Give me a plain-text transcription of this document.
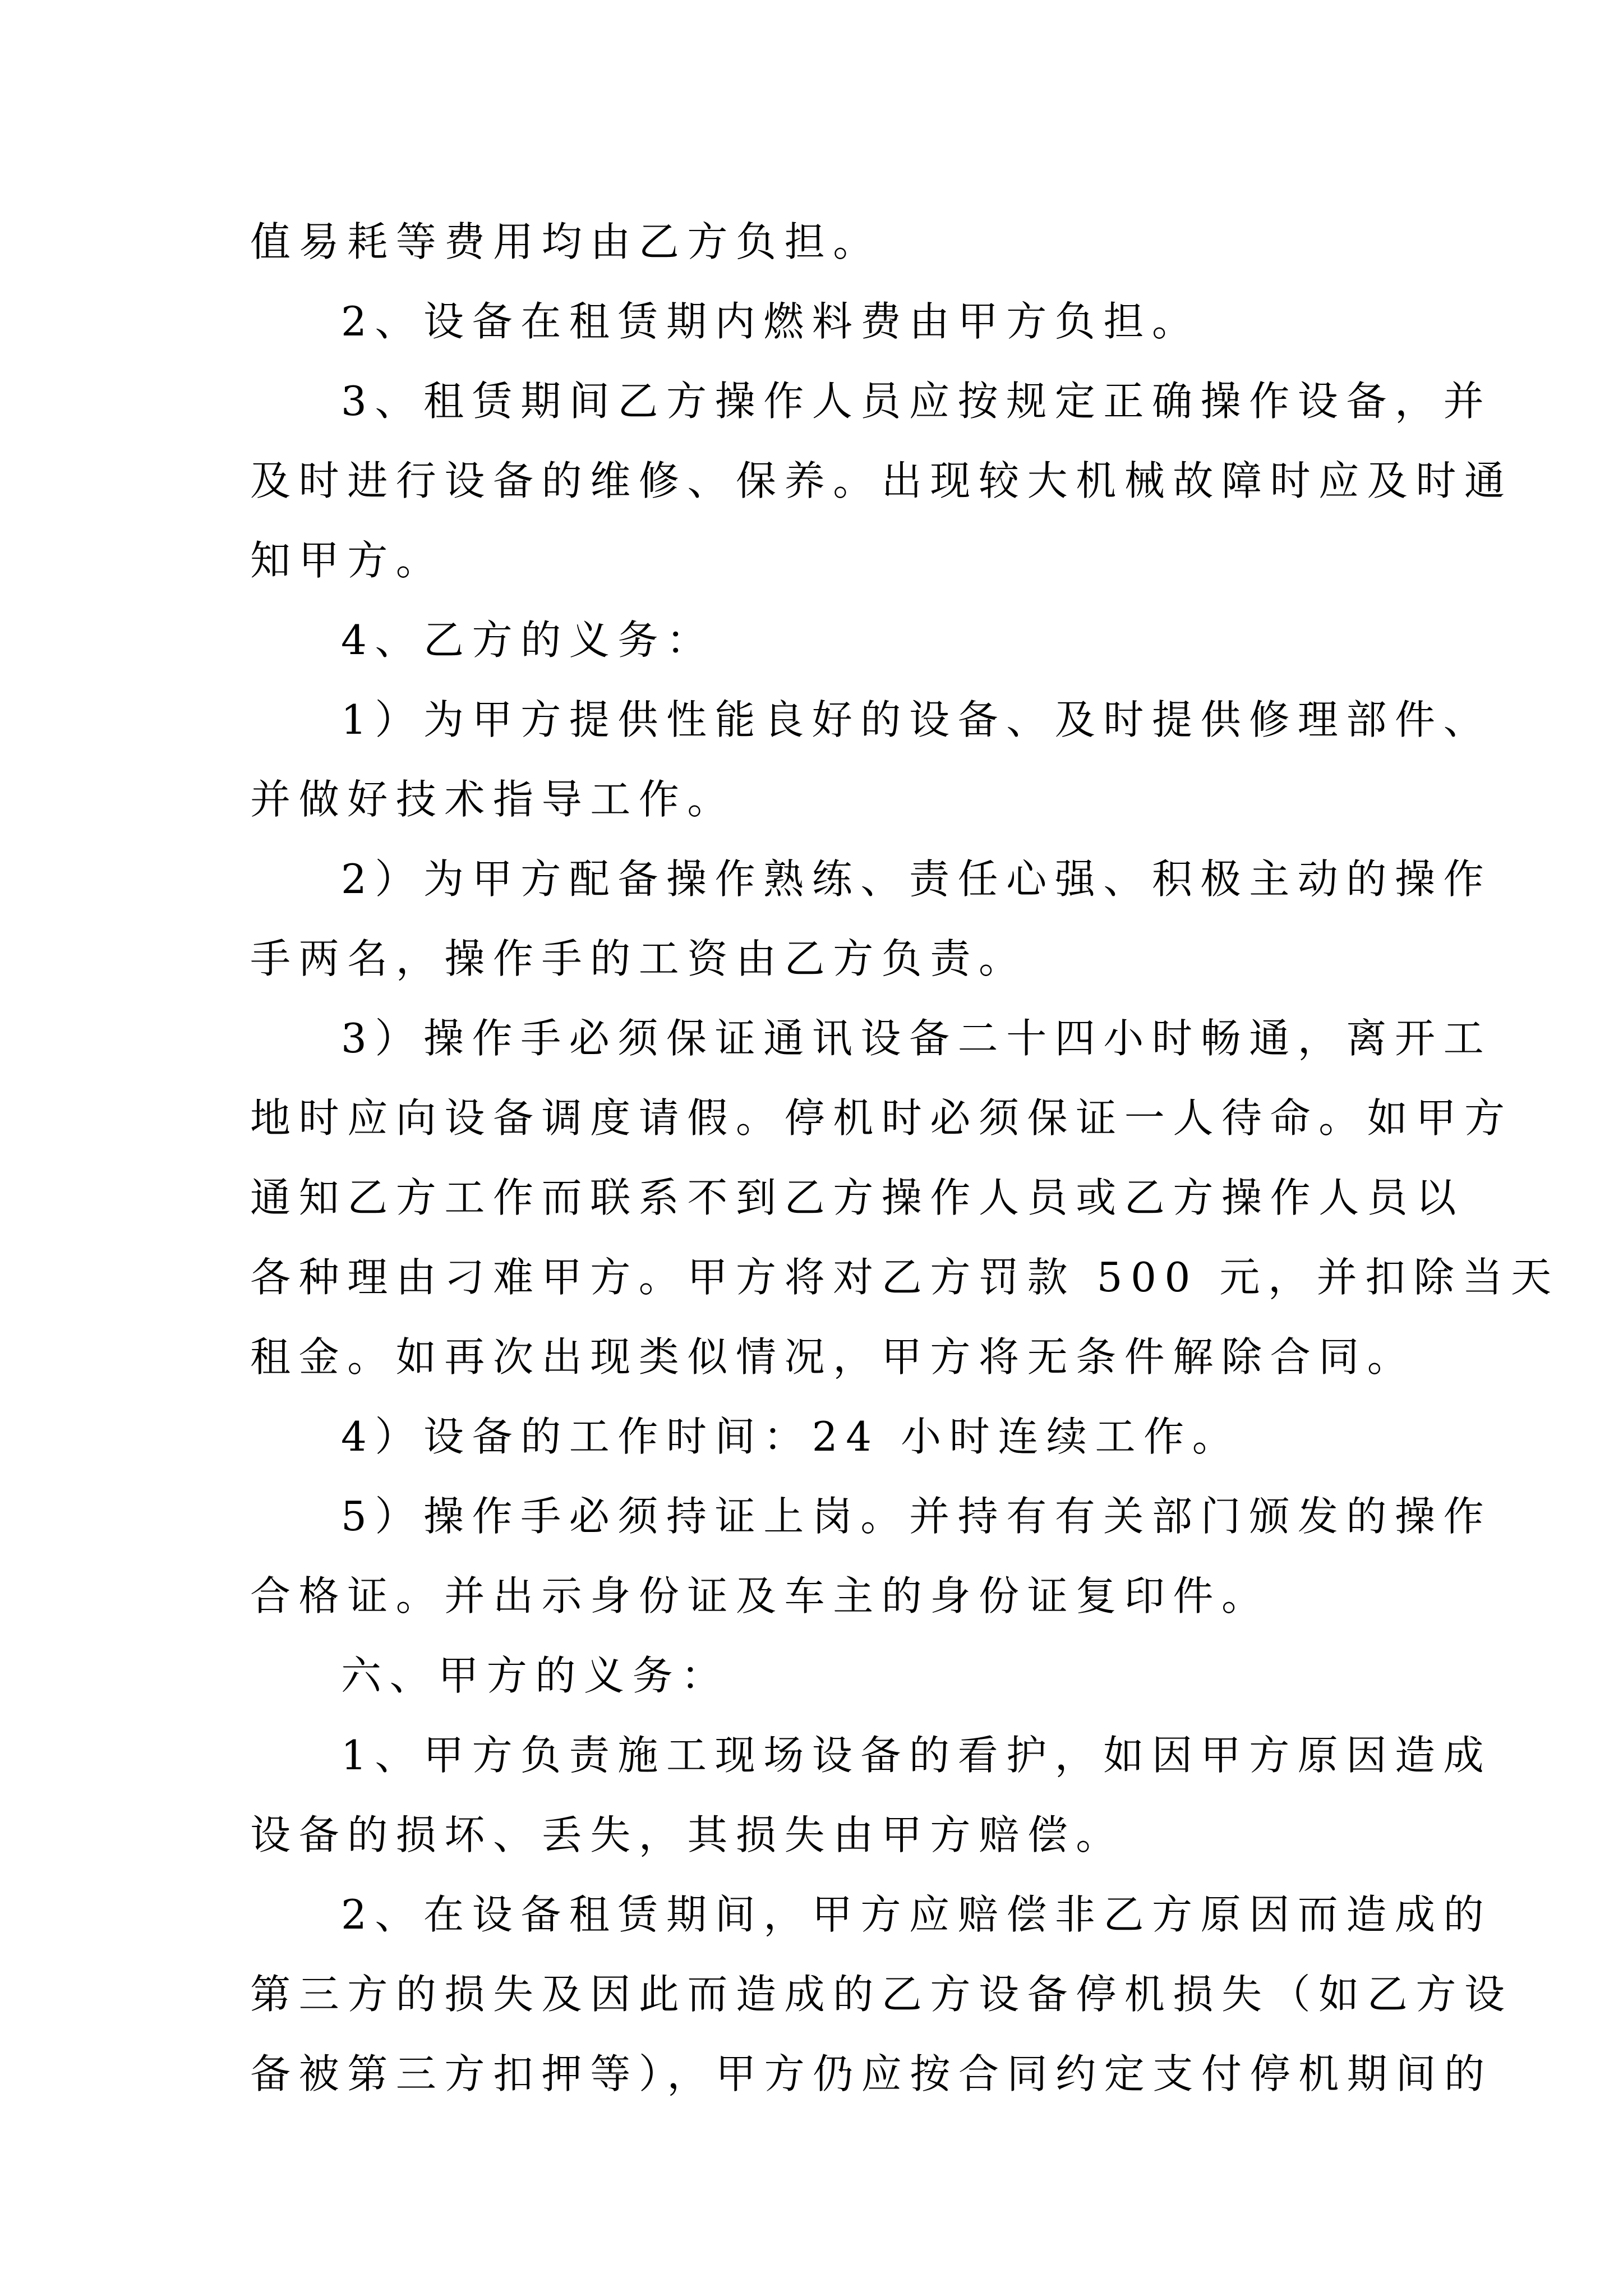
值易耗等费用均由乙方负担。
2、设备在租赁期内燃料费由甲方负担。
3、租赁期间乙方操作人员应按规定正确操作设备，并
及时进行设备的维修、保养。出现较大机械故障时应及时通
知甲方。
4、乙方的义务：
1）为甲方提供性能良好的设备、及时提供修理部件、
并做好技术指导工作。
2）为甲方配备操作熟练、责任心强、积极主动的操作
手两名，操作手的工资由乙方负责。
3）操作手必须保证通讯设备二十四小时畅通，离开工
地时应向设备调度请假。停机时必须保证一人待命。如甲方
通知乙方工作而联系不到乙方操作人员或乙方操作人员以
各种理由刁难甲方。甲方将对乙方罚款 500 元，并扣除当天
租金。如再次出现类似情况，甲方将无条件解除合同。
4）设备的工作时间：24 小时连续工作。
5）操作手必须持证上岗。并持有有关部门颁发的操作
合格证。并出示身份证及车主的身份证复印件。
六、甲方的义务：
1、甲方负责施工现场设备的看护，如因甲方原因造成
设备的损坏、丢失，其损失由甲方赔偿。
2、在设备租赁期间，甲方应赔偿非乙方原因而造成的
第三方的损失及因此而造成的乙方设备停机损失（如乙方设
备被第三方扣押等），甲方仍应按合同约定支付停机期间的
